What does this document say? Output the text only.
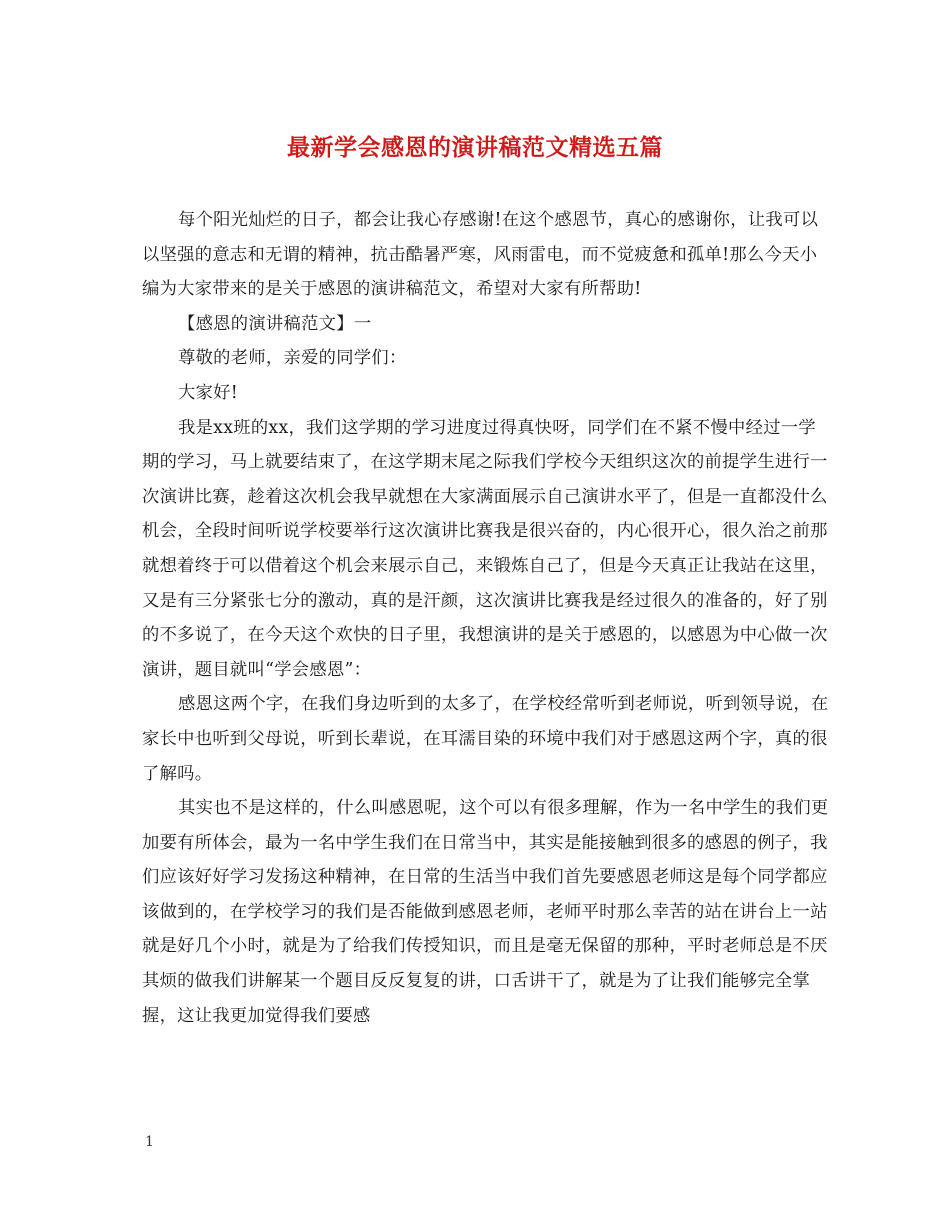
最新学会感恩的演讲稿范文精选五篇

每个阳光灿烂的日子，都会让我心存感谢!在这个感恩节，真心的感谢你，让我可以以坚强的意志和无谓的精神，抗击酷暑严寒，风雨雷电，而不觉疲惫和孤单!那么今天小编为大家带来的是关于感恩的演讲稿范文，希望对大家有所帮助!

【感恩的演讲稿范文】一

尊敬的老师，亲爱的同学们：

大家好!

我是xx班的xx，我们这学期的学习进度过得真快呀，同学们在不紧不慢中经过一学期的学习，马上就要结束了，在这学期末尾之际我们学校今天组织这次的前提学生进行一次演讲比赛，趁着这次机会我早就想在大家满面展示自己演讲水平了，但是一直都没什么机会，全段时间听说学校要举行这次演讲比赛我是很兴奋的，内心很开心，很久治之前那就想着终于可以借着这个机会来展示自己，来锻炼自己了，但是今天真正让我站在这里，又是有三分紧张七分的激动，真的是汗颜，这次演讲比赛我是经过很久的准备的，好了别的不多说了，在今天这个欢快的日子里，我想演讲的是关于感恩的，以感恩为中心做一次演讲，题目就叫“学会感恩”：

感恩这两个字，在我们身边听到的太多了，在学校经常听到老师说，听到领导说，在家长中也听到父母说，听到长辈说，在耳濡目染的环境中我们对于感恩这两个字，真的很了解吗。

其实也不是这样的，什么叫感恩呢，这个可以有很多理解，作为一名中学生的我们更加要有所体会，最为一名中学生我们在日常当中，其实是能接触到很多的感恩的例子，我们应该好好学习发扬这种精神，在日常的生活当中我们首先要感恩老师这是每个同学都应该做到的，在学校学习的我们是否能做到感恩老师，老师平时那么幸苦的站在讲台上一站就是好几个小时，就是为了给我们传授知识，而且是毫无保留的那种，平时老师总是不厌其烦的做我们讲解某一个题目反反复复的讲，口舌讲干了，就是为了让我们能够完全掌握，这让我更加觉得我们要感

1
